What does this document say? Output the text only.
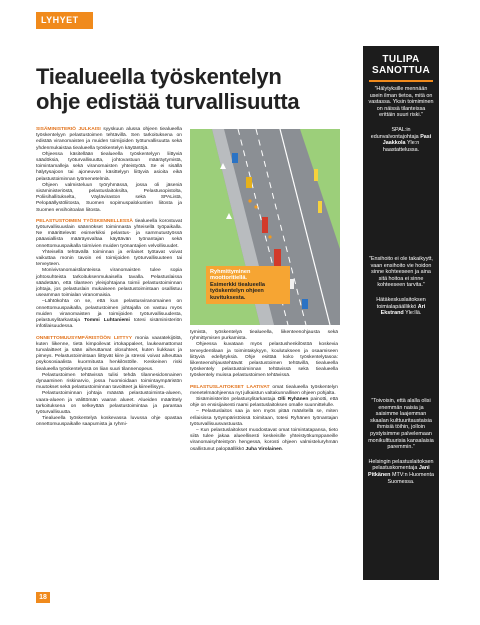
LYHYET
Tiealueella työskentelyn ohje edistää turvallisuutta

SISÄMINISTERIÖ JULKAISI syyskuun alussa ohjeen tiealueella työskentelyyn pelastustoimen tehtävillä. Sen tarkoituksena on edistää viranomaisten ja muiden toimijoiden työturvallisuutta sekä yhdenmukaistaa tiealueella työskentelyn käytäntöjä.

Ohjeessa käsitellään tiealueella työskentelyyn liittyviä säädöksiä, työturvallisuutta, johtovastuun määräytymistä, toimintamalleja sekä viranomaisten yhteistyötä. Se ei sisällä hälytysajoon tai ajoneuvon käsittelyyn liittyviä asioita eikä pelastustoiminnan työmenetelmiä.

Ohjeen valmisteluun työryhmässä, jossa oli jäseniä sisäministeriöstä, pelastuslaitoksilta, Pelastusopistolta, Poliisihallitukselta, Väyläviraston sekä SPAListä, Pelopäällystöliitosta, Suomen sopimuspalokuntien liitosta ja Suomen ensihoitoalan liitosta.

PELASTUSTOIMEN TYÖSKENNELLESSÄ tiealueella korostuvat työturvallisuuslain säännökset toiminnasta yhteisellä työpaikalla. Ne määrittelevät esimerkiksi pelastus- ja sammutustyössä pääasiallista määräysvaltaa käyttävän työnantajan sekä onnettomuuspaikalla toimivien muiden työnantajien velvollisuudet.

Yhteisellä tehtävällä toiminnan ja erilaiset työtavat voivat vaikuttaa monin tavoin eri toimijoiden työturvallisuuteen tai terveyteen.

Monivivranomaistilanteissa viranomaisten tulee sopia johtosuhteista tarkoituksenmukaisella tavalla. Pelastuslaissa säädetään, että tilanteen yleisjohtajana toimii pelastustoiminnan johtaja, jos pelastuslain mukaiseen pelastustoimintaan osallistuu useamman toimialan viranomaisia.

–Lähtökohta on se, että kun pelastusviranomainen on onnettomuuspaikalla, pelastustoimen johtajalla on vastuu myös muiden viranomaisten ja toimijoiden työturvallisuudesta, pelastusylitarkastaja Tommi Luhtaniemi totesi sisäministeriön infotilaisuudessa.

ONNETTOMUUSYMPÄRISTÖÖN LIITTYY monia vaaratekijöitä, kuten liikenne, tietä kimpoilevat irtokappaleet, laukeamattomat turvalaitteet ja sään aiheuttamat olosuhteet, kuten liukkaus ja pimeys. Pelastustoimintaan liittyvät kiire ja stressi voivat aiheuttaa psykososiaalista kuormitusta henkilöstölle. Keskeinen riski tiealueella työskentelyssä on liian suuri tilannenopeus.

Pelastustoimen tehtävissä tulisi tehdä tilannesidonnainen dynaaminen riskinarvio, jossa huomioidaan toimintaympäristön muutokset sekä pelastustoiminnan tavoitteet ja kiireellisyys.

Pelastustoiminnan johtaja määrää pelastustoiminta-alueen, vaara-alueen ja välittömän vaaran alueet. Alueiden määrittely tarkoituksena on selkeyttää pelastustoimintaa ja parantaa työturvallisuutta.

Tiealueella työskentelyä koskevassa luvussa ohje opastaa onnettomuuspaikalle saapumista ja ryhmi-

Ryhmittyminen moottoritiellä.
Esimerkki tiealueella työskentelyn ohjeen kuvituksesta.

tymistä, työskentelyä tiealueella, liikenteenohjausta sekä ryhmittymisen purkamista.

Ohjeessa kuvataan myös pelastushenkilöstöä koskevia terveydentilaan ja toimintakykyyn, koulutukseen ja osaamiseen liittyviä edellytyksiä. Ohje esittää koko työskentelytasoa: liikenteenohjaustehtävät pelastustoimen tehtävillä, tiealueella työskentely pelastustoiminnan tehtävissä sekä tiealueella työskentely muissa pelastustoimen tehtävissä.

PELASTUSLAITOKSET LAATIVAT omat tiealueella työskentelyn menetelmäohjeensa nyt julkaistun valtakunnallisen ohjeen pohjalta.

Sisäministeriön pelastusylitarkastaja Olli Ryhänen painotti, että ohje on ensisijaisesti raami pelastuslaitoksen omalle suunnittelulle.

– Pelastuslaitos saa ja sen myös pitää määritellä se, miten erilaisissa työympäristöissä toimitaan, totesi Ryhänen työnantajan työturvallisuusvastuusta.

– Kun pelastuslaitokset muodostavat omat toimintatapansa, tieto siitä tulee jakaa alueellisesti keskeisille yhteistyökumppaneille viranomaisyhteistyön hengessä, korosti ohjeen valmisteluryhmän osallistunut palopäällikkö Juha Virolainen.

TULIPA SANOTTUA
”Hälytyksille mennään usein ilman tietoa, mitä on vastassa. Yksin toimiminen on näissä tilanteissa erittäin suuri riski.”
SPAL:in edunvalvontajohtaja Pasi Jaakkola Yle:n haastattelussa.
”Ensihoito ei ole takaikyytt, vaan ensihoito vie hoidon sinne kohteeseen ja aina sitä hoitoa ei sinne kohteeseen tarvita.”
Hätäkeskuslaitoksen toimialapäällikkö Ari Ekstrand Yle:llä.
”Toivoisin, että alalla olisi enemmän naisia ja saisimme laajemman skaalan kulttuuritaustaisia ihmisiä töihin, jolloin pystyisimme palvelemaan monikulttuurisia kansalaisia paremmin.”
Helsingin pelastuslaitoksen pelastuskomentaja Jani Pitkänen MTV:n Huomenta Suomessa.
18
